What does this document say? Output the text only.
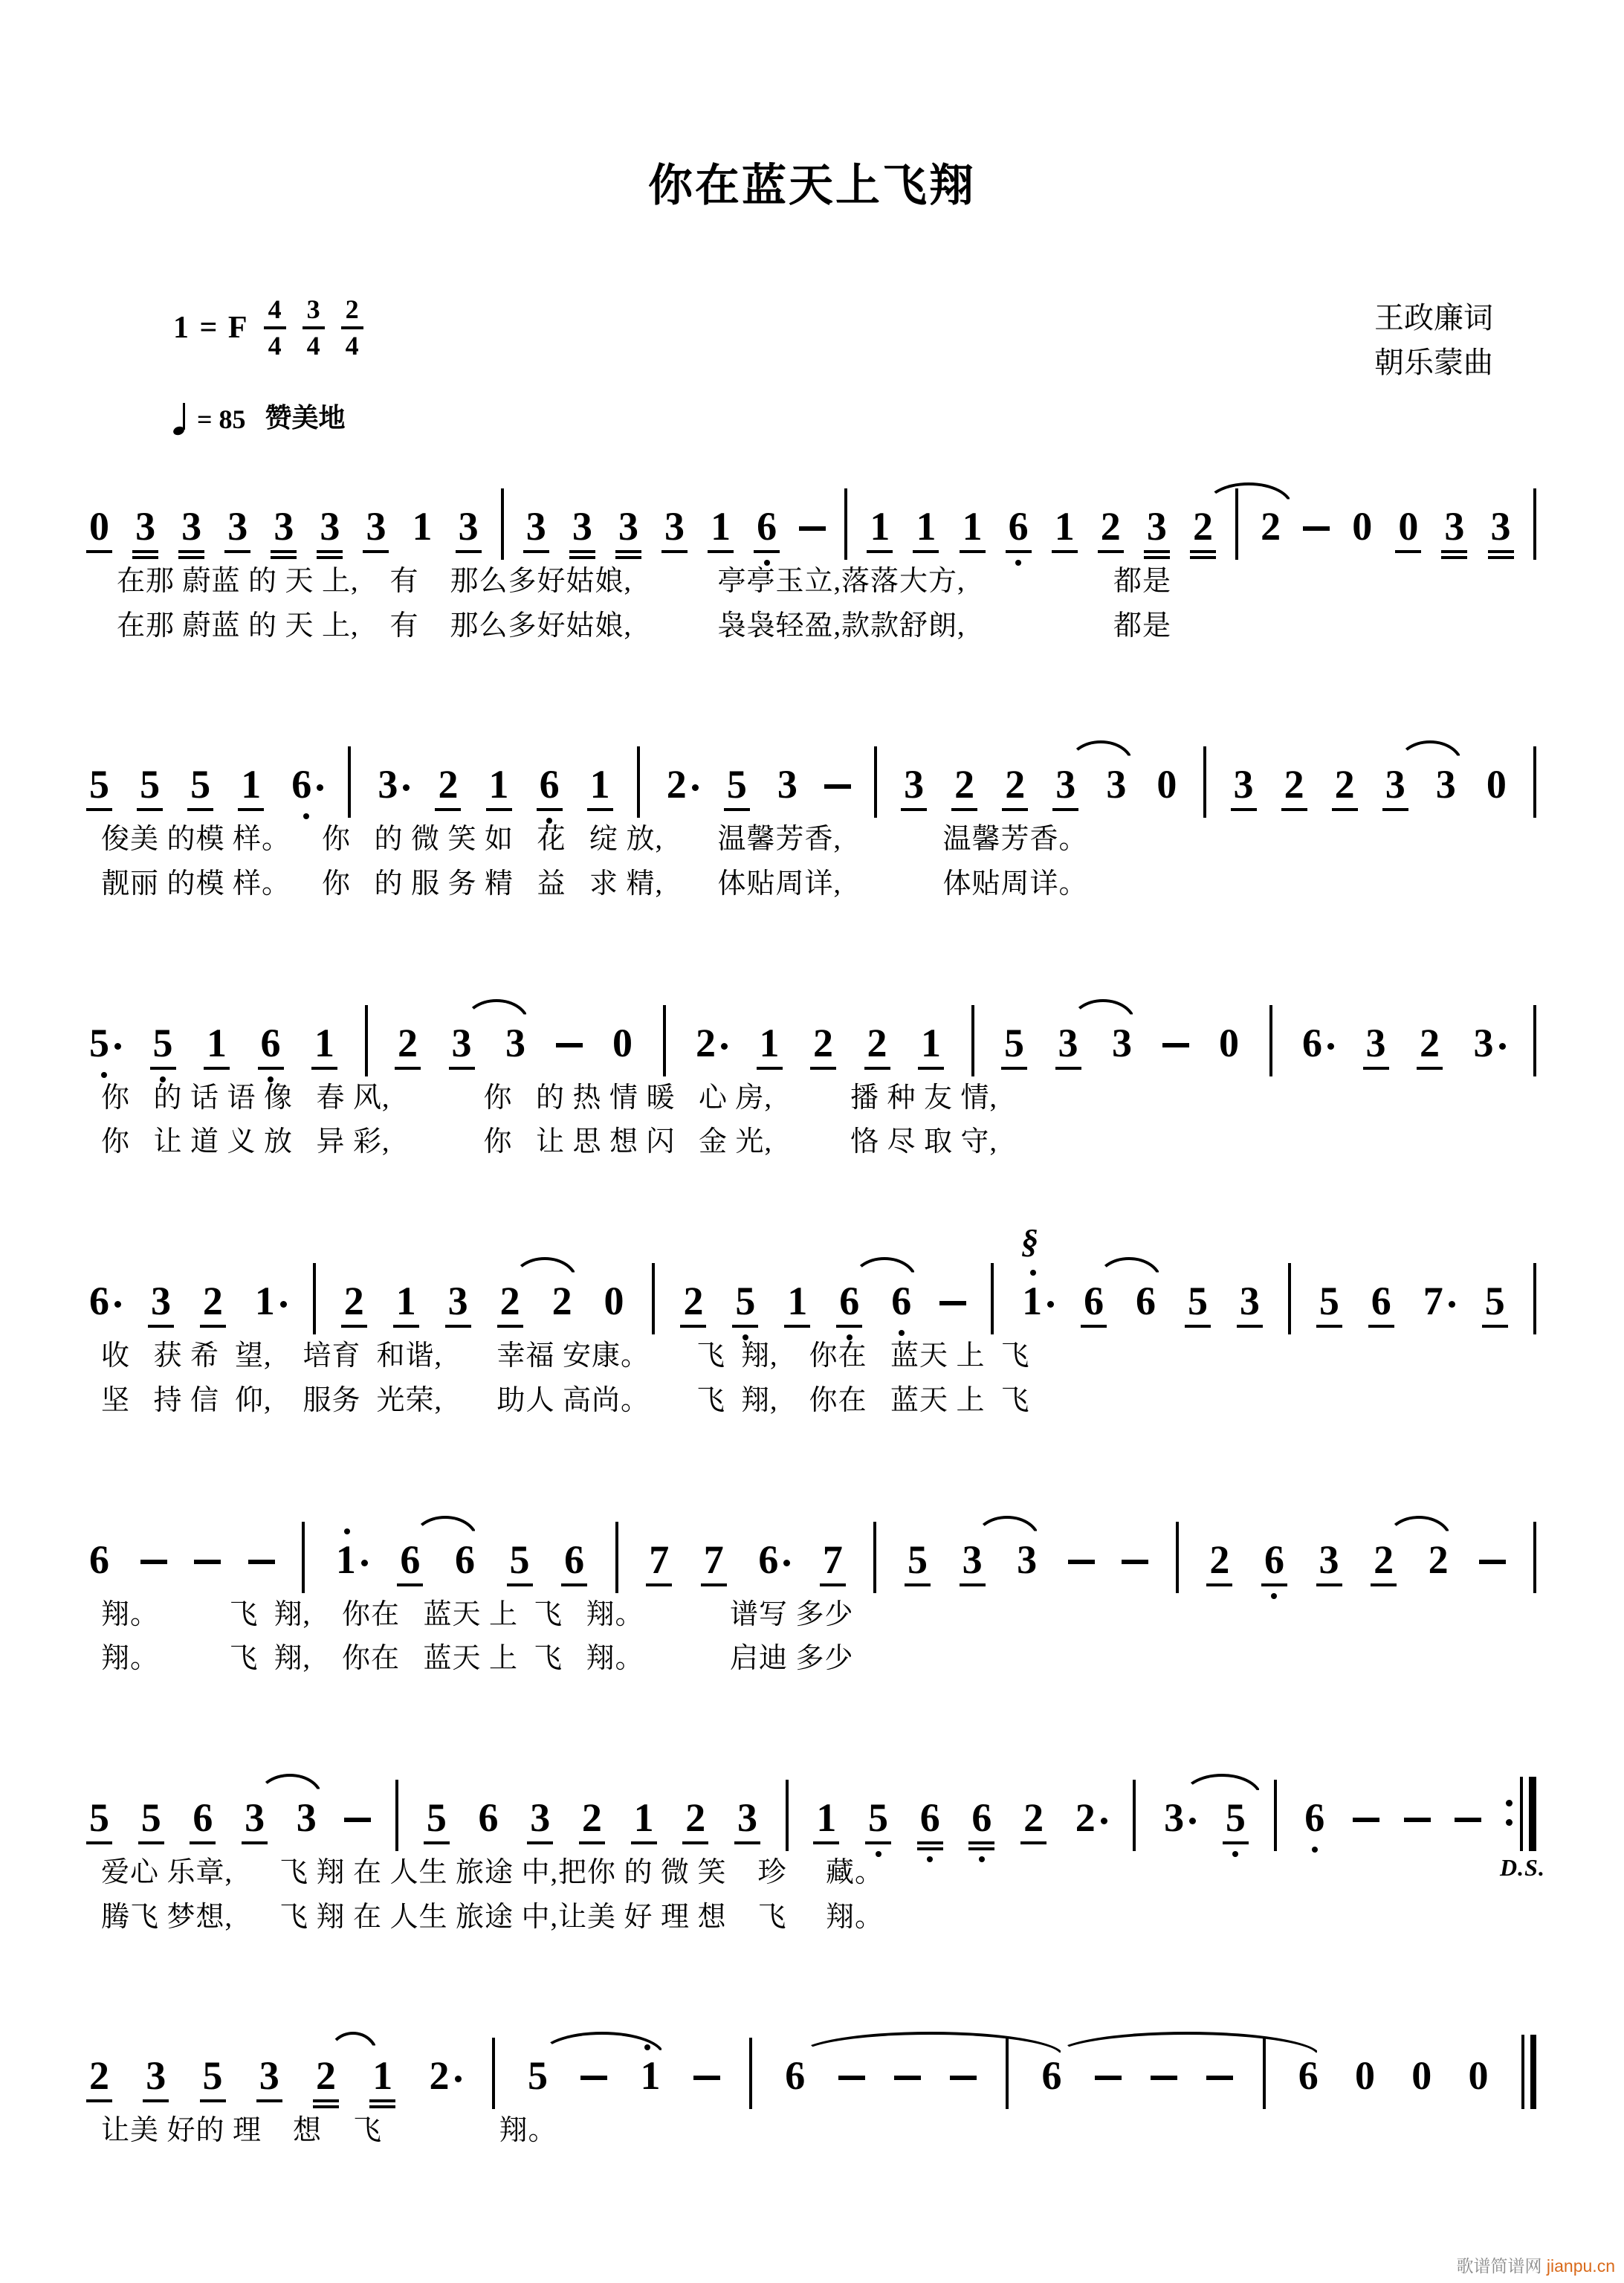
你在蓝天上飞翔
1 = F $\frac{4}{4} \frac{3}{4} \frac{2}{4}$	王政廉词
朝乐蒙曲
= 85 赞美地
0 3 3 3 3 3 3 1 3 3 3 3 3 1 6 1 1 1 6 1 2 3 2 2 0 0 3 3
在那 蔚蓝 的 天 上,    有    那么多好姑娘,           亭亭玉立,落落大方,                   都是
在那 蔚蓝 的 天 上,    有    那么多好姑娘,           袅袅轻盈,款款舒朗,                   都是
5 5 5 1 6	3	2 1 6 1 2	5 3	3 2 2 3 3 0 3 2 2 3 3 0
俊美 的模 样。    你   的 微 笑 如   花   绽 放,       温馨芳香,             温馨芳香。
靓丽 的模 样。    你   的 服 务 精   益   求 精,       体贴周详,             体贴周详。
5	5 1 6 1 2 3 3 0 2	1 2 2 1 5 3 3 0 6	3 2 3
你   的 话 语 像   春 风,            你   的 热 情 暖   心 房,          播 种 友 情,
你   让 道 义 放   异 彩,            你   让 思 想 闪   金 光,          恪 尽 取 守,
6	3 2 1	2 1 3 2 2 0 2 5 1 6 6	1
§
6 6 5 3 5 6 7	5
收   获 希  望,    培育  和谐,       幸福 安康。      飞  翔,    你在   蓝天 上  飞
坚   持 信  仰,    服务  光荣,       助人 高尚。      飞  翔,    你在   蓝天 上  飞
6	1	6 6 5 6 7 7 6	7 5 3 3	2 6 3 2 2
翔。         飞  翔,    你在   蓝天 上  飞   翔。           谱写 多少
翔。         飞  翔,    你在   蓝天 上  飞   翔。           启迪 多少
5 5 6 3 3	5 6 3 2 1 2 3 1 5 6 6 2 2	3	5 6
D.S.
爱心 乐章,      飞 翔 在 人生 旅途 中,把你 的 微 笑    珍     藏。
腾飞 梦想,      飞 翔 在 人生 旅途 中,让美 好 理 想    飞     翔。
2 3 5 3 2 1 2	5 1	6	6	6 0 0 0
让美 好的 理    想    飞               翔。
歌谱简谱网 jianpu.cn
